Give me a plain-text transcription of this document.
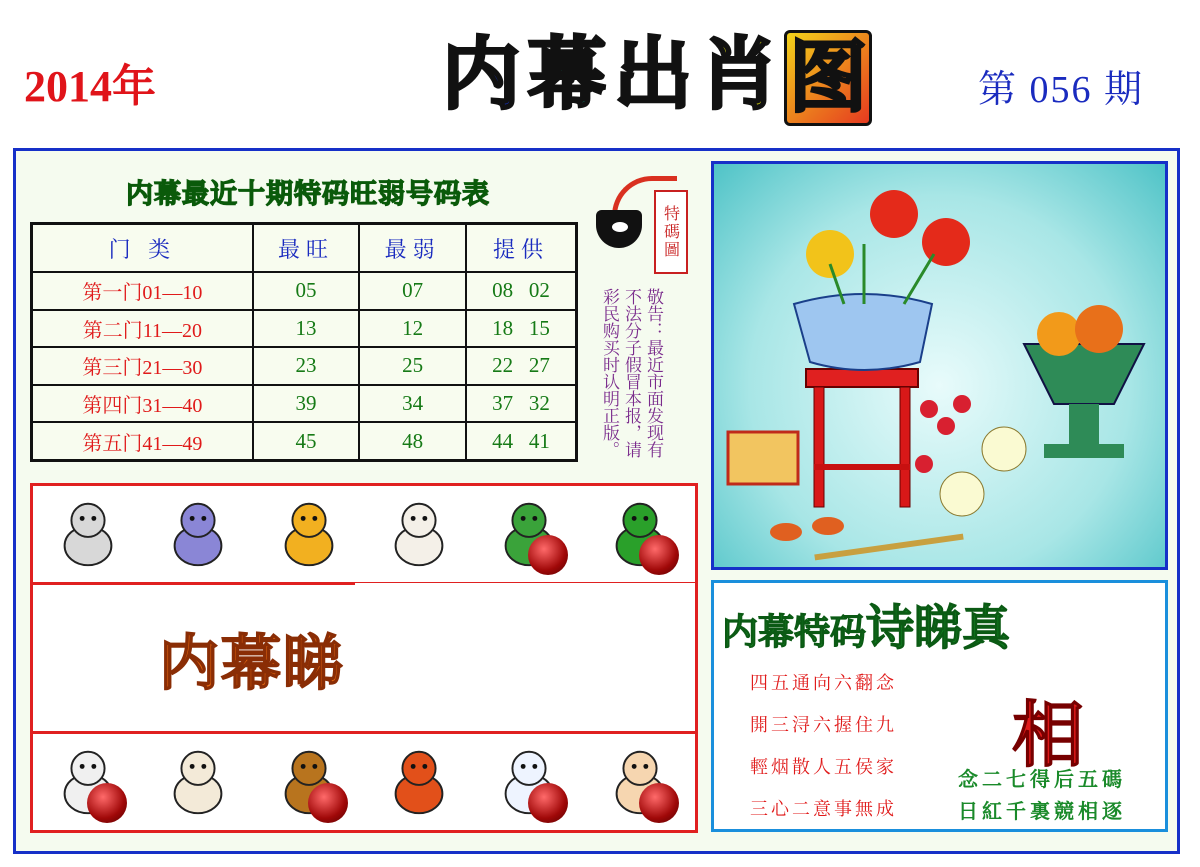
2014年	内 幕 出 肖 图	第 056 期
内幕最近十期特码旺弱号码表
门 类	最旺	最弱	提供
第一门01—10	05	07	08   02
第二门11—20	13	12	18   15
第三门21—30	23	25	22   27
第四门31—40	39	34	37   32
第五门41—49	45	48	44   41
特碼圖
敬告：最近市面发现有不法分子假冒本报，请彩民购买时认明正版。
内幕睇	内幕特码诗睇真
相
四五通向六翻念
開三浔六握住九
輕烟散人五侯家
三心二意事無成
念二七得后五碼
日紅千裏競相逐
